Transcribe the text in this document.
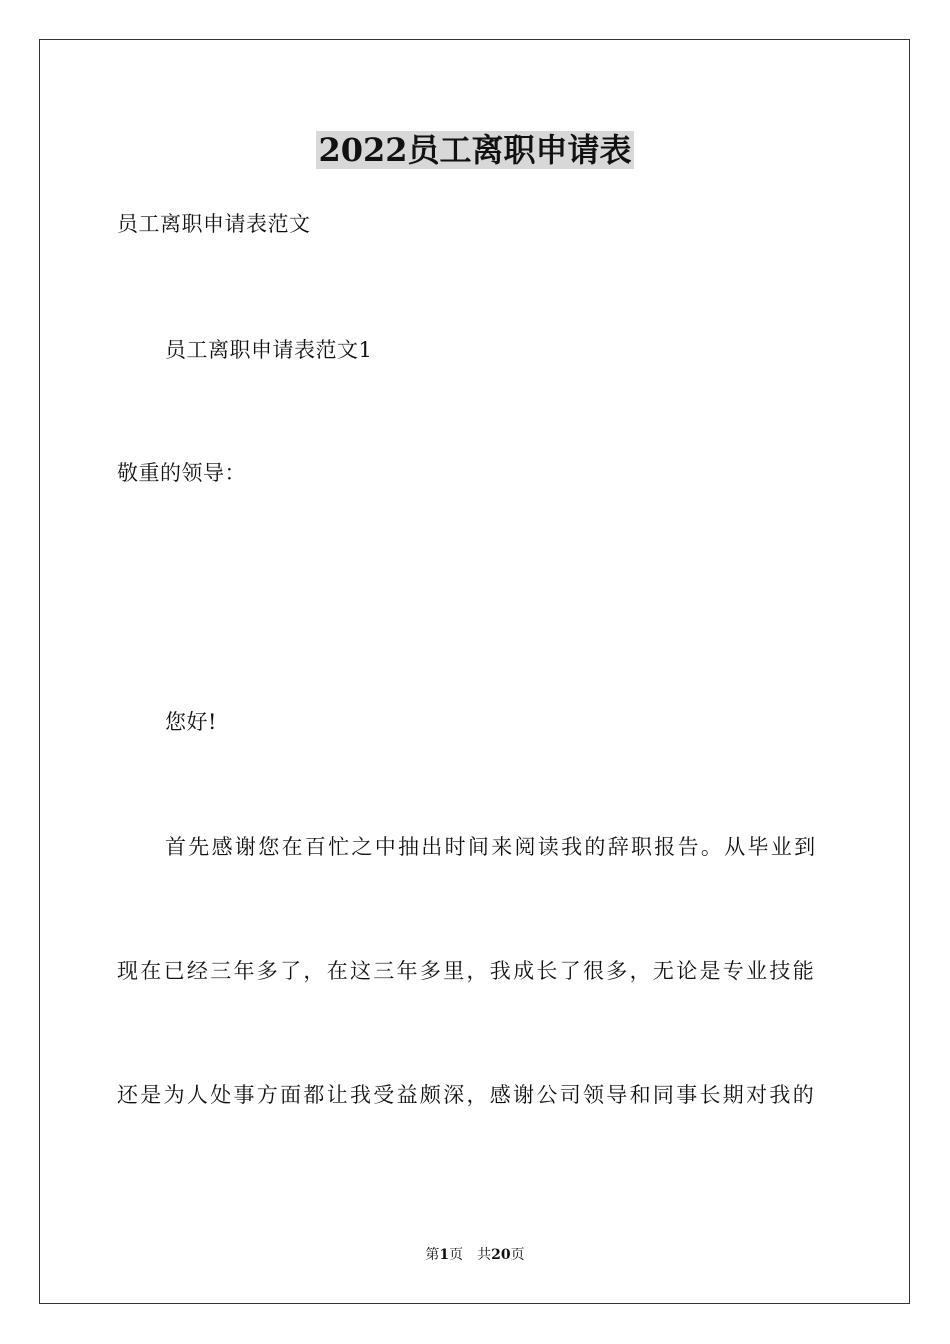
2022员工离职申请表

员工离职申请表范文

员工离职申请表范文1

敬重的领导：

您好!

首先感谢您在百忙之中抽出时间来阅读我的辞职报告。从毕业到

现在已经三年多了，在这三年多里，我成长了很多，无论是专业技能

还是为人处事方面都让我受益颇深，感谢公司领导和同事长期对我的

第1页 共20页
